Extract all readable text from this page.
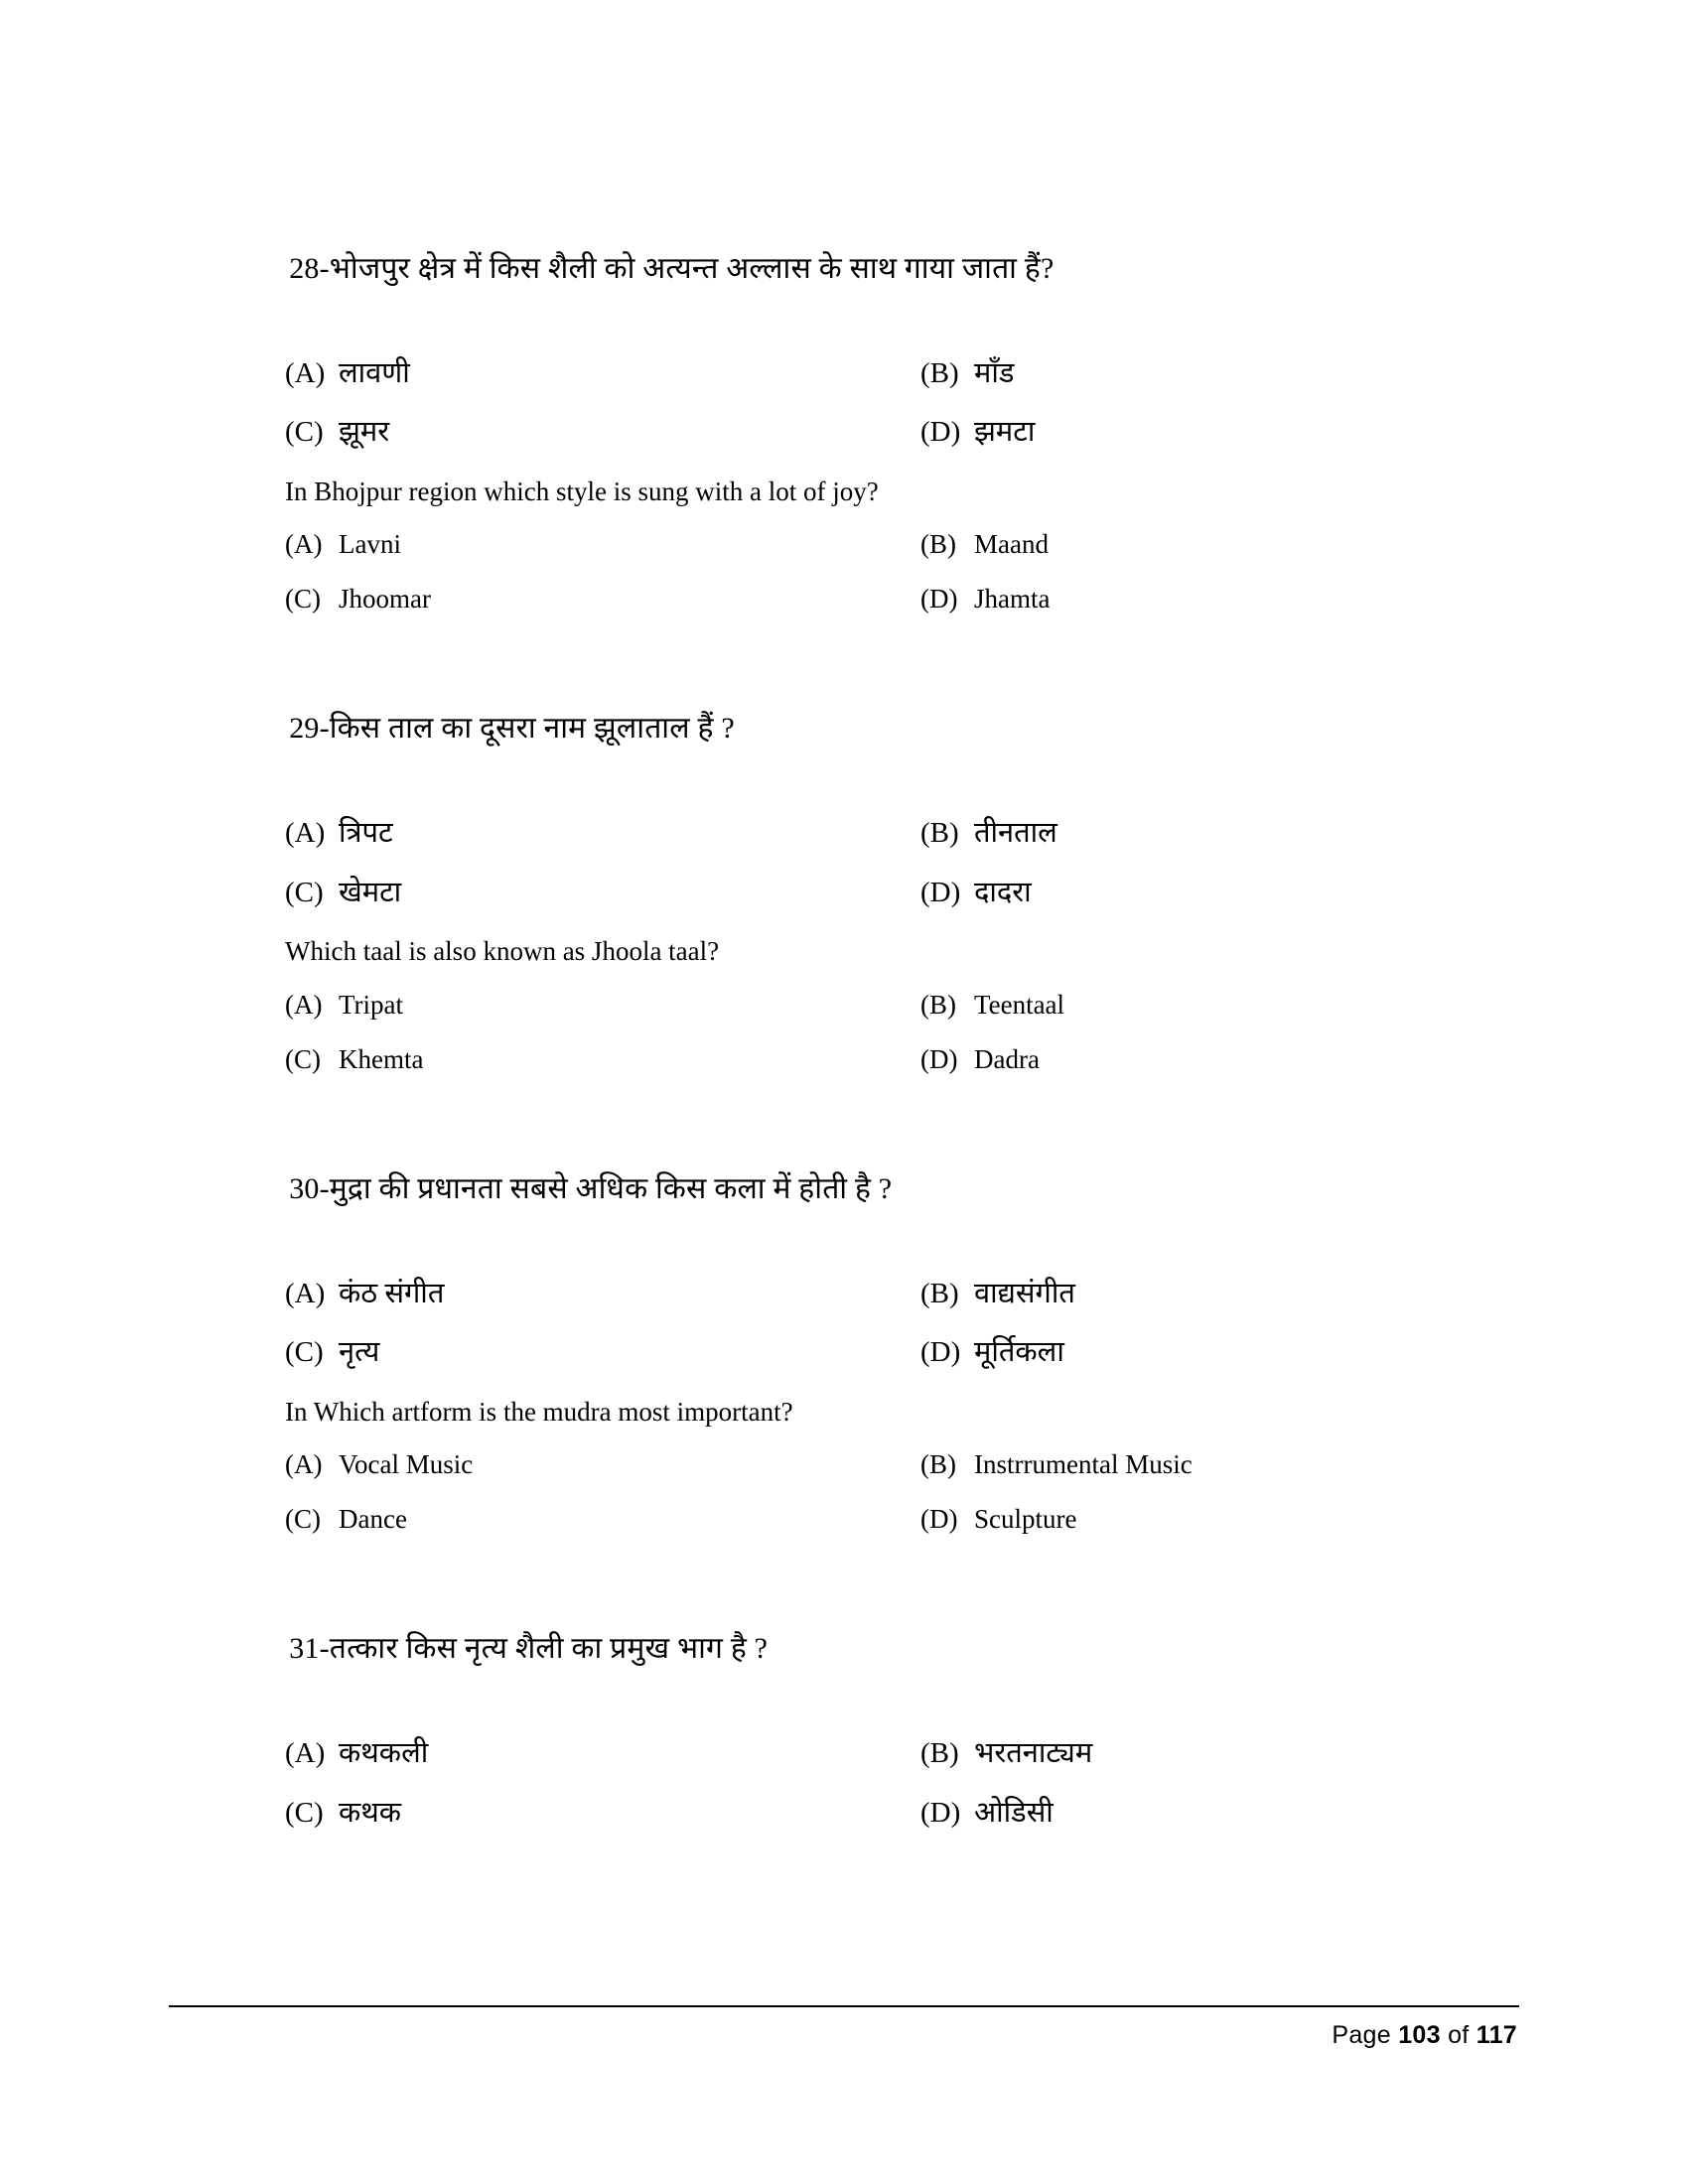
28-भोजपुर क्षेत्र में किस शैली को अत्यन्त अल्लास के साथ गाया जाता हैं?

(A) लावणी	(B) मॉंड
(C) झूमर	(D) झमटा
In Bhojpur region which style is sung with a lot of joy?
(A) Lavni	(B) Maand
(C) Jhoomar	(D) Jhamta

29-किस ताल का दूसरा नाम झूलाताल हैं ?

(A) त्रिपट	(B) तीनताल
(C) खेमटा	(D) दादरा
Which taal is also known as Jhoola taal?
(A) Tripat	(B) Teentaal
(C) Khemta	(D) Dadra

30-मुद्रा की प्रधानता सबसे अधिक किस कला में होती है ?

(A) कंठ संगीत	(B) वाद्यसंगीत
(C) नृत्य	(D) मूर्तिकला
In Which artform is the mudra most important?
(A) Vocal Music	(B) Instrrumental Music
(C) Dance	(D) Sculpture

31-तत्कार किस नृत्य शैली का प्रमुख भाग है ?

(A) कथकली	(B) भरतनाट्यम
(C) कथक	(D) ओडिसी
Page 103 of 117
